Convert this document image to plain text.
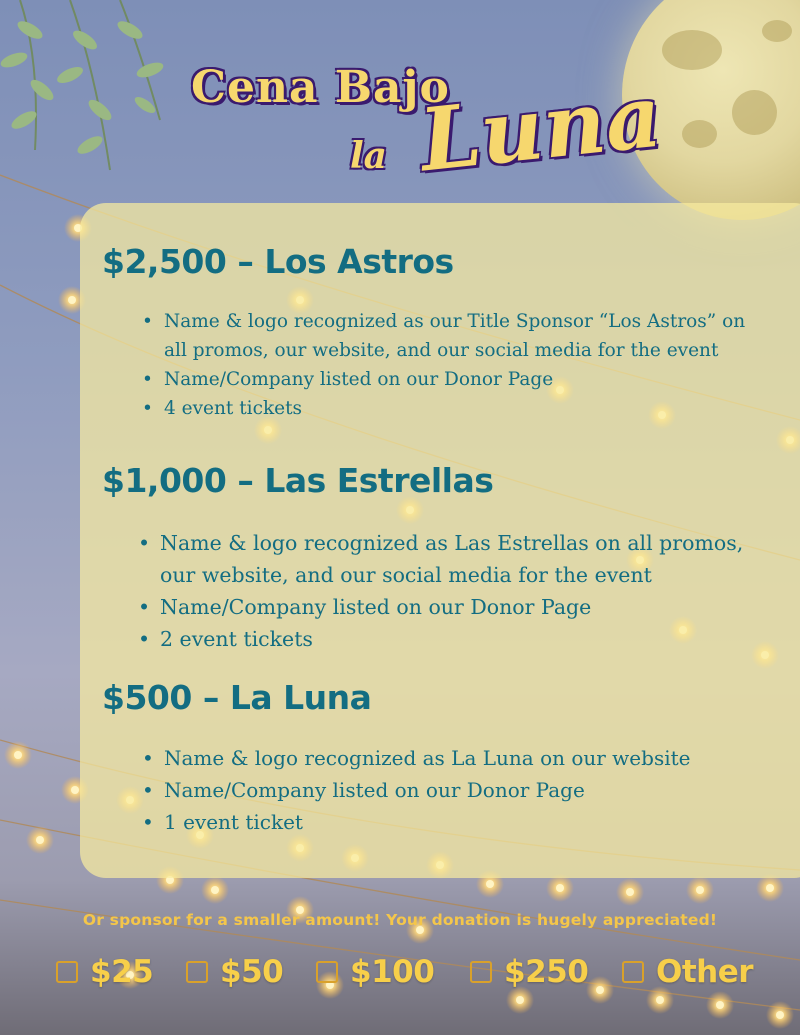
Cena Bajo
la Luna
$2,500 – Los Astros
• Name & logo recognized as our Title Sponsor “Los Astros” on all promos, our website, and our social media for the event
• Name/Company listed on our Donor Page
• 4 event tickets
$1,000 – Las Estrellas
• Name & logo recognized as Las Estrellas on all promos, our website, and our social media for the event
• Name/Company listed on our Donor Page
• 2 event tickets
$500 – La Luna
• Name & logo recognized as La Luna on our website
• Name/Company listed on our Donor Page
• 1 event ticket
Or sponsor for a smaller amount! Your donation is hugely appreciated!
$25 $50 $100 $250 Other
